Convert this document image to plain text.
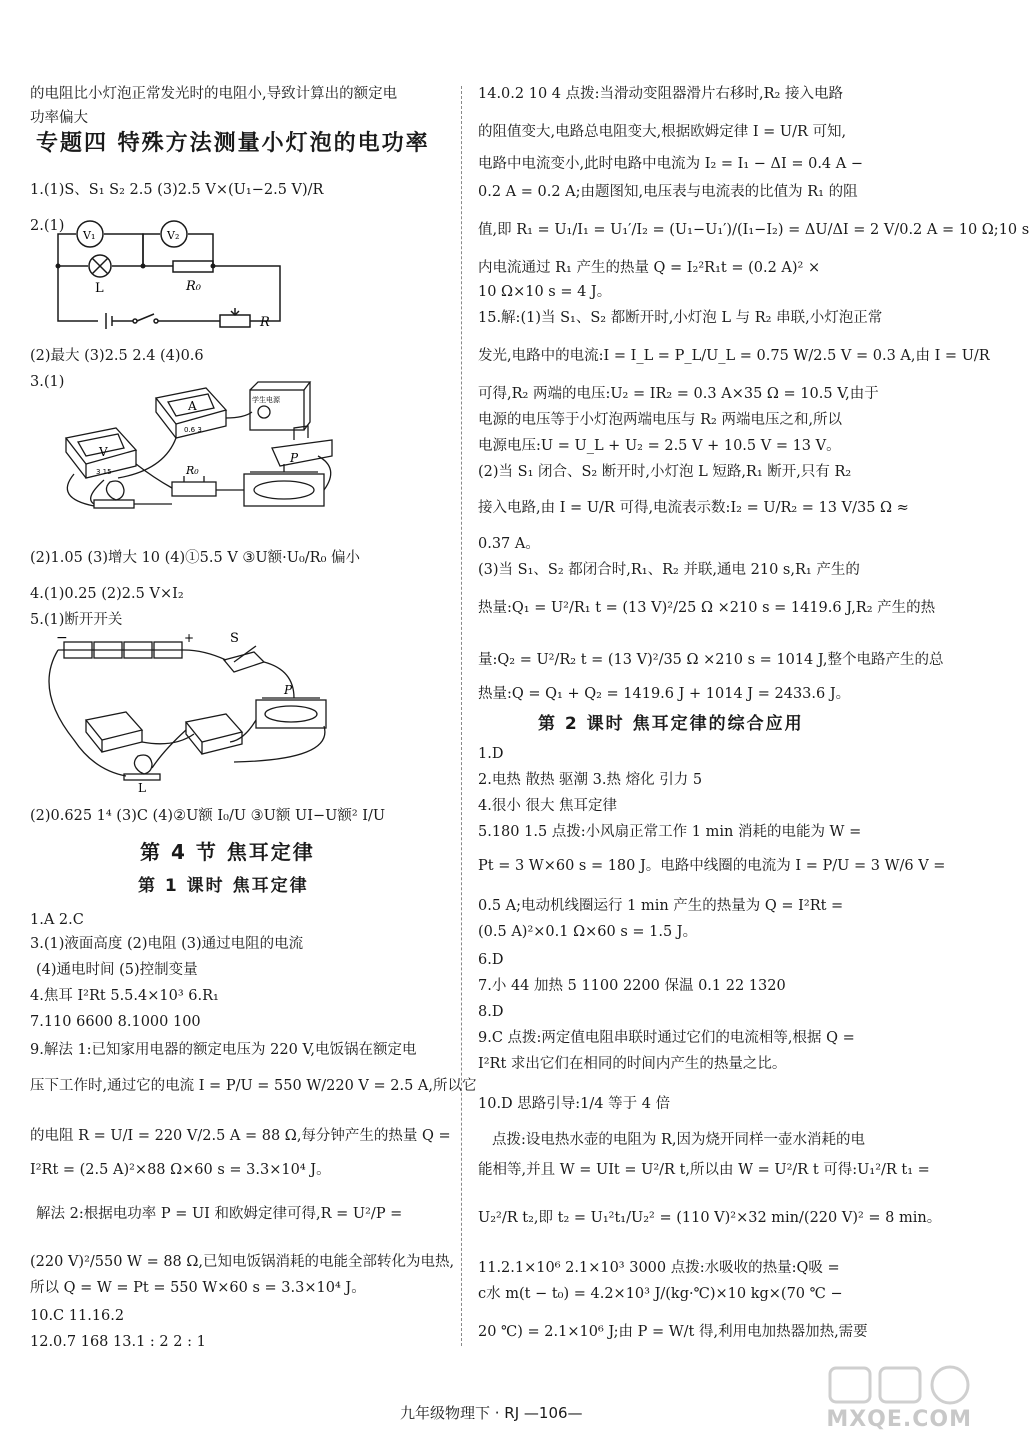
的电阻比小灯泡正常发光时的电阻小,导致计算出的额定电
功率偏大
专题四 特殊方法测量小灯泡的电功率
1.(1)S、S₁ S₂ 2.5 (3)2.5 V×(U₁−2.5 V)/R
2.(1)
V₁	V₂
L	R₀
R
(2)最大 (3)2.5 2.4 (4)0.6
3.(1)
V
A	学生电源
3 15
0.6 3
R₀
P
(2)1.05 (3)增大 10 (4)①5.5 V ③U额·U₀/R₀ 偏小
4.(1)0.25 (2)2.5 V×I₂
5.(1)断开开关
−	+	S
P
L
(2)0.625 1⁴ (3)C (4)②U额 I₀/U ③U额 UI−U额² I/U
第 4 节 焦耳定律
第 1 课时 焦耳定律
1.A 2.C
3.(1)液面高度 (2)电阻 (3)通过电阻的电流
(4)通电时间 (5)控制变量
4.焦耳 I²Rt 5.5.4×10³ 6.R₁
7.110 6600 8.1000 100
9.解法 1:已知家用电器的额定电压为 220 V,电饭锅在额定电
压下工作时,通过它的电流 I = P/U = 550 W/220 V = 2.5 A,所以它
的电阻 R = U/I = 220 V/2.5 A = 88 Ω,每分钟产生的热量 Q =
I²Rt = (2.5 A)²×88 Ω×60 s = 3.3×10⁴ J。
解法 2:根据电功率 P = UI 和欧姆定律可得,R = U²/P =
(220 V)²/550 W = 88 Ω,已知电饭锅消耗的电能全部转化为电热,
所以 Q = W = Pt = 550 W×60 s = 3.3×10⁴ J。
10.C 11.16.2
12.0.7 168 13.1 : 2 2 : 1
14.0.2 10 4 点拨:当滑动变阻器滑片右移时,R₂ 接入电路
的阻值变大,电路总电阻变大,根据欧姆定律 I = U/R 可知,
电路中电流变小,此时电路中电流为 I₂ = I₁ − ΔI = 0.4 A −
0.2 A = 0.2 A;由题图知,电压表与电流表的比值为 R₁ 的阻
值,即 R₁ = U₁/I₁ = U₁′/I₂ = (U₁−U₁′)/(I₁−I₂) = ΔU/ΔI = 2 V/0.2 A = 10 Ω;10 s
内电流通过 R₁ 产生的热量 Q = I₂²R₁t = (0.2 A)² ×
10 Ω×10 s = 4 J。
15.解:(1)当 S₁、S₂ 都断开时,小灯泡 L 与 R₂ 串联,小灯泡正常
发光,电路中的电流:I = I_L = P_L/U_L = 0.75 W/2.5 V = 0.3 A,由 I = U/R
可得,R₂ 两端的电压:U₂ = IR₂ = 0.3 A×35 Ω = 10.5 V,由于
电源的电压等于小灯泡两端电压与 R₂ 两端电压之和,所以
电源电压:U = U_L + U₂ = 2.5 V + 10.5 V = 13 V。
(2)当 S₁ 闭合、S₂ 断开时,小灯泡 L 短路,R₁ 断开,只有 R₂
接入电路,由 I = U/R 可得,电流表示数:I₂ = U/R₂ = 13 V/35 Ω ≈
0.37 A。
(3)当 S₁、S₂ 都闭合时,R₁、R₂ 并联,通电 210 s,R₁ 产生的
热量:Q₁ = U²/R₁ t = (13 V)²/25 Ω ×210 s = 1419.6 J,R₂ 产生的热
量:Q₂ = U²/R₂ t = (13 V)²/35 Ω ×210 s = 1014 J,整个电路产生的总
热量:Q = Q₁ + Q₂ = 1419.6 J + 1014 J = 2433.6 J。
第 2 课时 焦耳定律的综合应用
1.D
2.电热 散热 驱潮 3.热 熔化 引力 5
4.很小 很大 焦耳定律
5.180 1.5 点拨:小风扇正常工作 1 min 消耗的电能为 W =
Pt = 3 W×60 s = 180 J。电路中线圈的电流为 I = P/U = 3 W/6 V =
0.5 A;电动机线圈运行 1 min 产生的热量为 Q = I²Rt =
(0.5 A)²×0.1 Ω×60 s = 1.5 J。
6.D
7.小 44 加热 5 1100 2200 保温 0.1 22 1320
8.D
9.C 点拨:两定值电阻串联时通过它们的电流相等,根据 Q =
I²Rt 求出它们在相同的时间内产生的热量之比。
10.D 思路引导:1/4 等于 4 倍
点拨:设电热水壶的电阻为 R,因为烧开同样一壶水消耗的电
能相等,并且 W = UIt = U²/R t,所以由 W = U²/R t 可得:U₁²/R t₁ =
U₂²/R t₂,即 t₂ = U₁²t₁/U₂² = (110 V)²×32 min/(220 V)² = 8 min。
11.2.1×10⁶ 2.1×10³ 3000 点拨:水吸收的热量:Q吸 =
c水 m(t − t₀) = 4.2×10³ J/(kg·℃)×10 kg×(70 ℃ −
20 ℃) = 2.1×10⁶ J;由 P = W/t 得,利用电加热器加热,需要
九年级物理下 · RJ —106—	MXQE.COM
